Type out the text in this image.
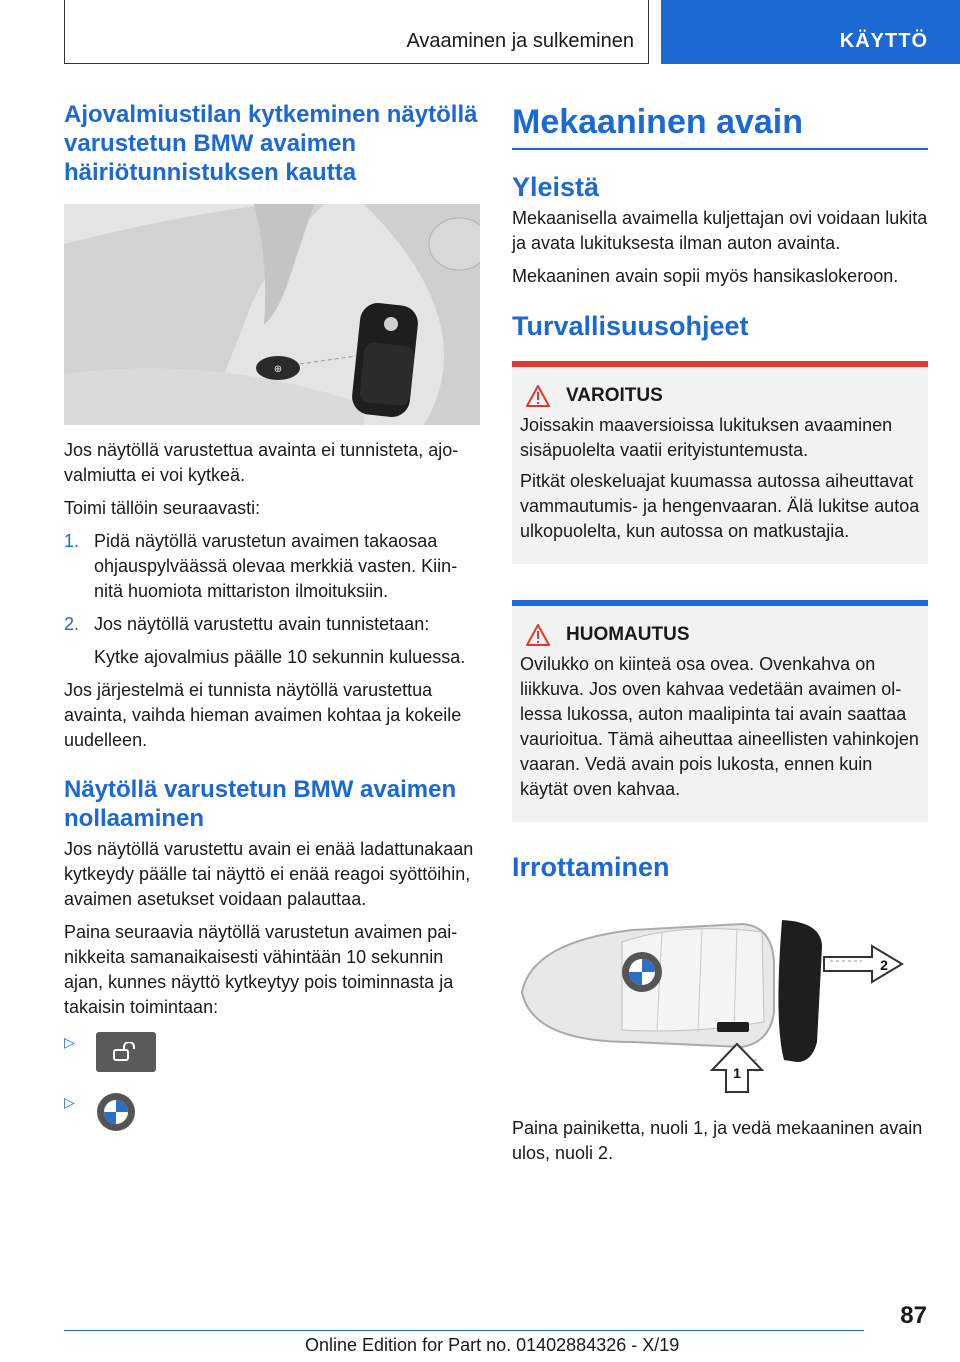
Avaaminen ja sulkeminen	KÄYTTÖ
Ajovalmiustilan kytkeminen näytöllä varustetun BMW avaimen häiriötunnistuksen kautta
⊕

Jos näytöllä varustettua avainta ei tunnisteta, ajovalmiutta ei voi kytkeä.

Toimi tällöin seuraavasti:

1. Pidä näytöllä varustetun avaimen takaosaa ohjauspylväässä olevaa merkkiä vasten. Kiinnitä huomiota mittariston ilmoituksiin.
2. Jos näytöllä varustettu avain tunnistetaan:
Kytke ajovalmius päälle 10 sekunnin kuluessa.

Jos järjestelmä ei tunnista näytöllä varustettua avainta, vaihda hieman avaimen kohtaa ja kokeile uudelleen.

Näytöllä varustetun BMW avaimen nollaaminen

Jos näytöllä varustettu avain ei enää ladattunakaan kytkeydy päälle tai näyttö ei enää reagoi syöttöihin, avaimen asetukset voidaan palauttaa.

Paina seuraavia näytöllä varustetun avaimen painikkeita samanaikaisesti vähintään 10 sekunnin ajan, kunnes näyttö kytkeytyy pois toiminnasta ja takaisin toimintaan:

▷
▷
Mekaaninen avain
Yleistä

Mekaanisella avaimella kuljettajan ovi voidaan lukita ja avata lukituksesta ilman auton avainta.

Mekaaninen avain sopii myös hansikaslokeroon.

Turvallisuusohjeet
VAROITUS

Joissakin maaversioissa lukituksen avaaminen sisäpuolelta vaatii erityistuntemusta.

Pitkät oleskeluajat kuumassa autossa aiheuttavat vammautumis- ja hengenvaaran. Älä lukitse autoa ulkopuolelta, kun autossa on matkustajia.

HUOMAUTUS

Ovilukko on kiinteä osa ovea. Ovenkahva on liikkuva. Jos oven kahvaa vedetään avaimen ollessa lukossa, auton maalipinta tai avain saattaa vaurioitua. Tämä aiheuttaa aineellisten vahinkojen vaaran. Vedä avain pois lukosta, ennen kuin käytät oven kahvaa.

Irrottaminen
1
2

Paina painiketta, nuoli 1, ja vedä mekaaninen avain ulos, nuoli 2.

87
Online Edition for Part no. 01402884326 - X/19
